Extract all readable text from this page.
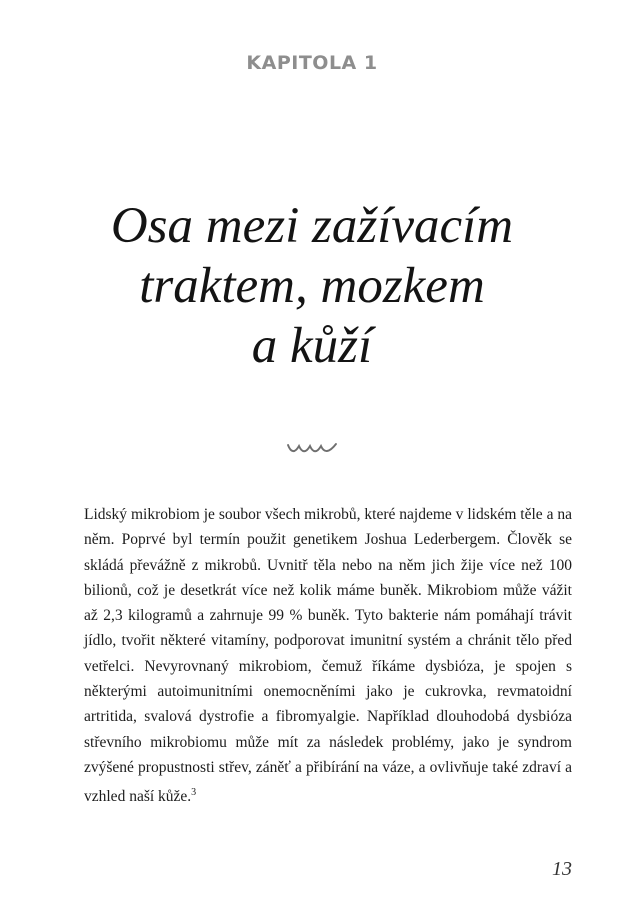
KAPITOLA 1
Osa mezi zažívacím
traktem, mozkem
a kůží

Lidský mikrobiom je soubor všech mikrobů, které najdeme v lidském těle a na něm. Poprvé byl termín použit genetikem Joshua Lederbergem. Člověk se skládá převážně z mikrobů. Uvnitř těla nebo na něm jich žije více než 100 bilionů, což je desetkrát více než kolik máme buněk. Mikrobiom může vážit až 2,3 kilogramů a zahrnuje 99 % buněk. Tyto bakterie nám pomáhají trávit jídlo, tvořit některé vitamíny, podporovat imunitní systém a chránit tělo před vetřelci. Nevyrovnaný mikrobiom, čemuž říkáme dysbióza, je spojen s některými autoimunitními onemocněními jako je cukrovka, revmatoidní artritida, svalová dystrofie a fibromyalgie. Například dlouhodobá dysbióza střevního mikrobiomu může mít za následek problémy, jako je syndrom zvýšené propustnosti střev, záněť a přibírání na váze, a ovlivňuje také zdraví a vzhled naší kůže.$^3$

13
